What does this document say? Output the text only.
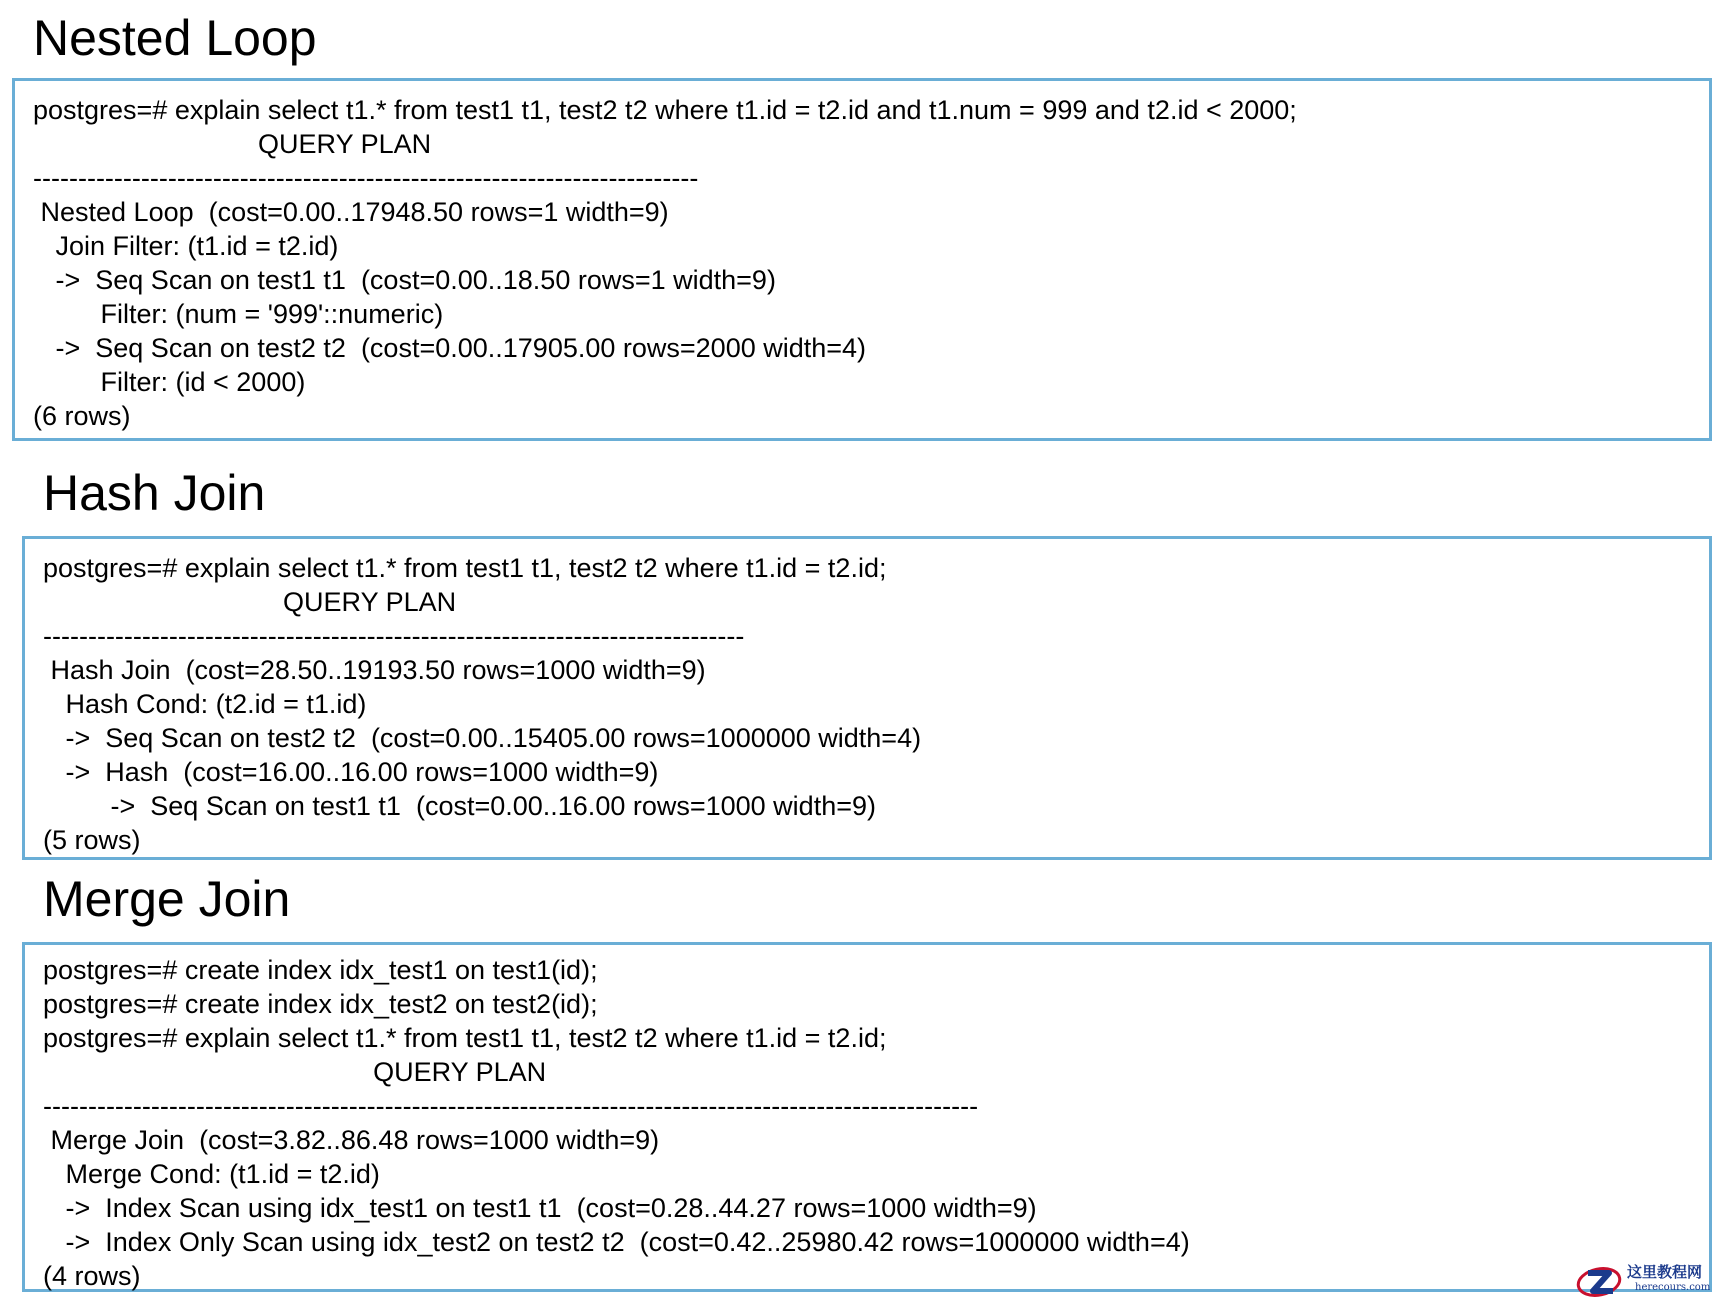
Nested Loop
postgres=# explain select t1.* from test1 t1, test2 t2 where t1.id = t2.id and t1.num = 999 and t2.id < 2000;
QUERY PLAN
--------------------------------------------------------------------------
Nested Loop  (cost=0.00..17948.50 rows=1 width=9)
Join Filter: (t1.id = t2.id)
->  Seq Scan on test1 t1  (cost=0.00..18.50 rows=1 width=9)
Filter: (num = '999'::numeric)
->  Seq Scan on test2 t2  (cost=0.00..17905.00 rows=2000 width=4)
Filter: (id < 2000)
(6 rows)
Hash Join
postgres=# explain select t1.* from test1 t1, test2 t2 where t1.id = t2.id;
QUERY PLAN
------------------------------------------------------------------------------
Hash Join  (cost=28.50..19193.50 rows=1000 width=9)
Hash Cond: (t2.id = t1.id)
->  Seq Scan on test2 t2  (cost=0.00..15405.00 rows=1000000 width=4)
->  Hash  (cost=16.00..16.00 rows=1000 width=9)
->  Seq Scan on test1 t1  (cost=0.00..16.00 rows=1000 width=9)
(5 rows)
Merge Join
postgres=# create index idx_test1 on test1(id);
postgres=# create index idx_test2 on test2(id);
postgres=# explain select t1.* from test1 t1, test2 t2 where t1.id = t2.id;
QUERY PLAN
--------------------------------------------------------------------------------------------------------
Merge Join  (cost=3.82..86.48 rows=1000 width=9)
Merge Cond: (t1.id = t2.id)
->  Index Scan using idx_test1 on test1 t1  (cost=0.28..44.27 rows=1000 width=9)
->  Index Only Scan using idx_test2 on test2 t2  (cost=0.42..25980.42 rows=1000000 width=4)
(4 rows)	这里教程网
herecours.com
